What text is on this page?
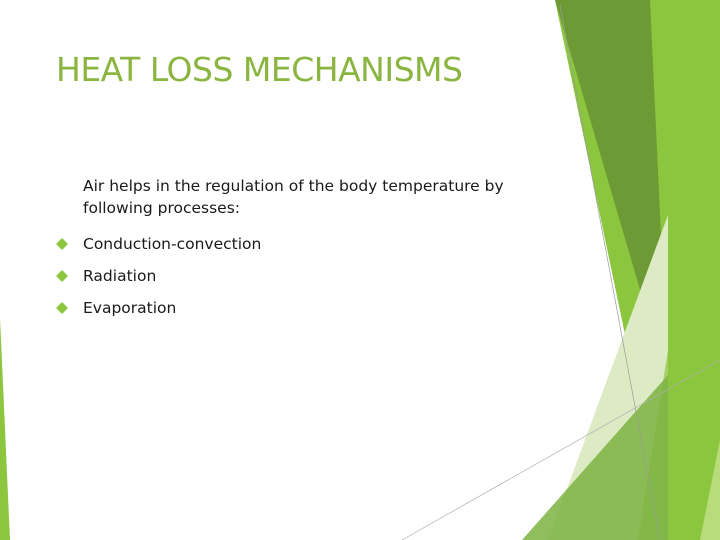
HEAT LOSS MECHANISMS

Air helps in the regulation of the body temperature by following processes:

Conduction-convection
Radiation
Evaporation
